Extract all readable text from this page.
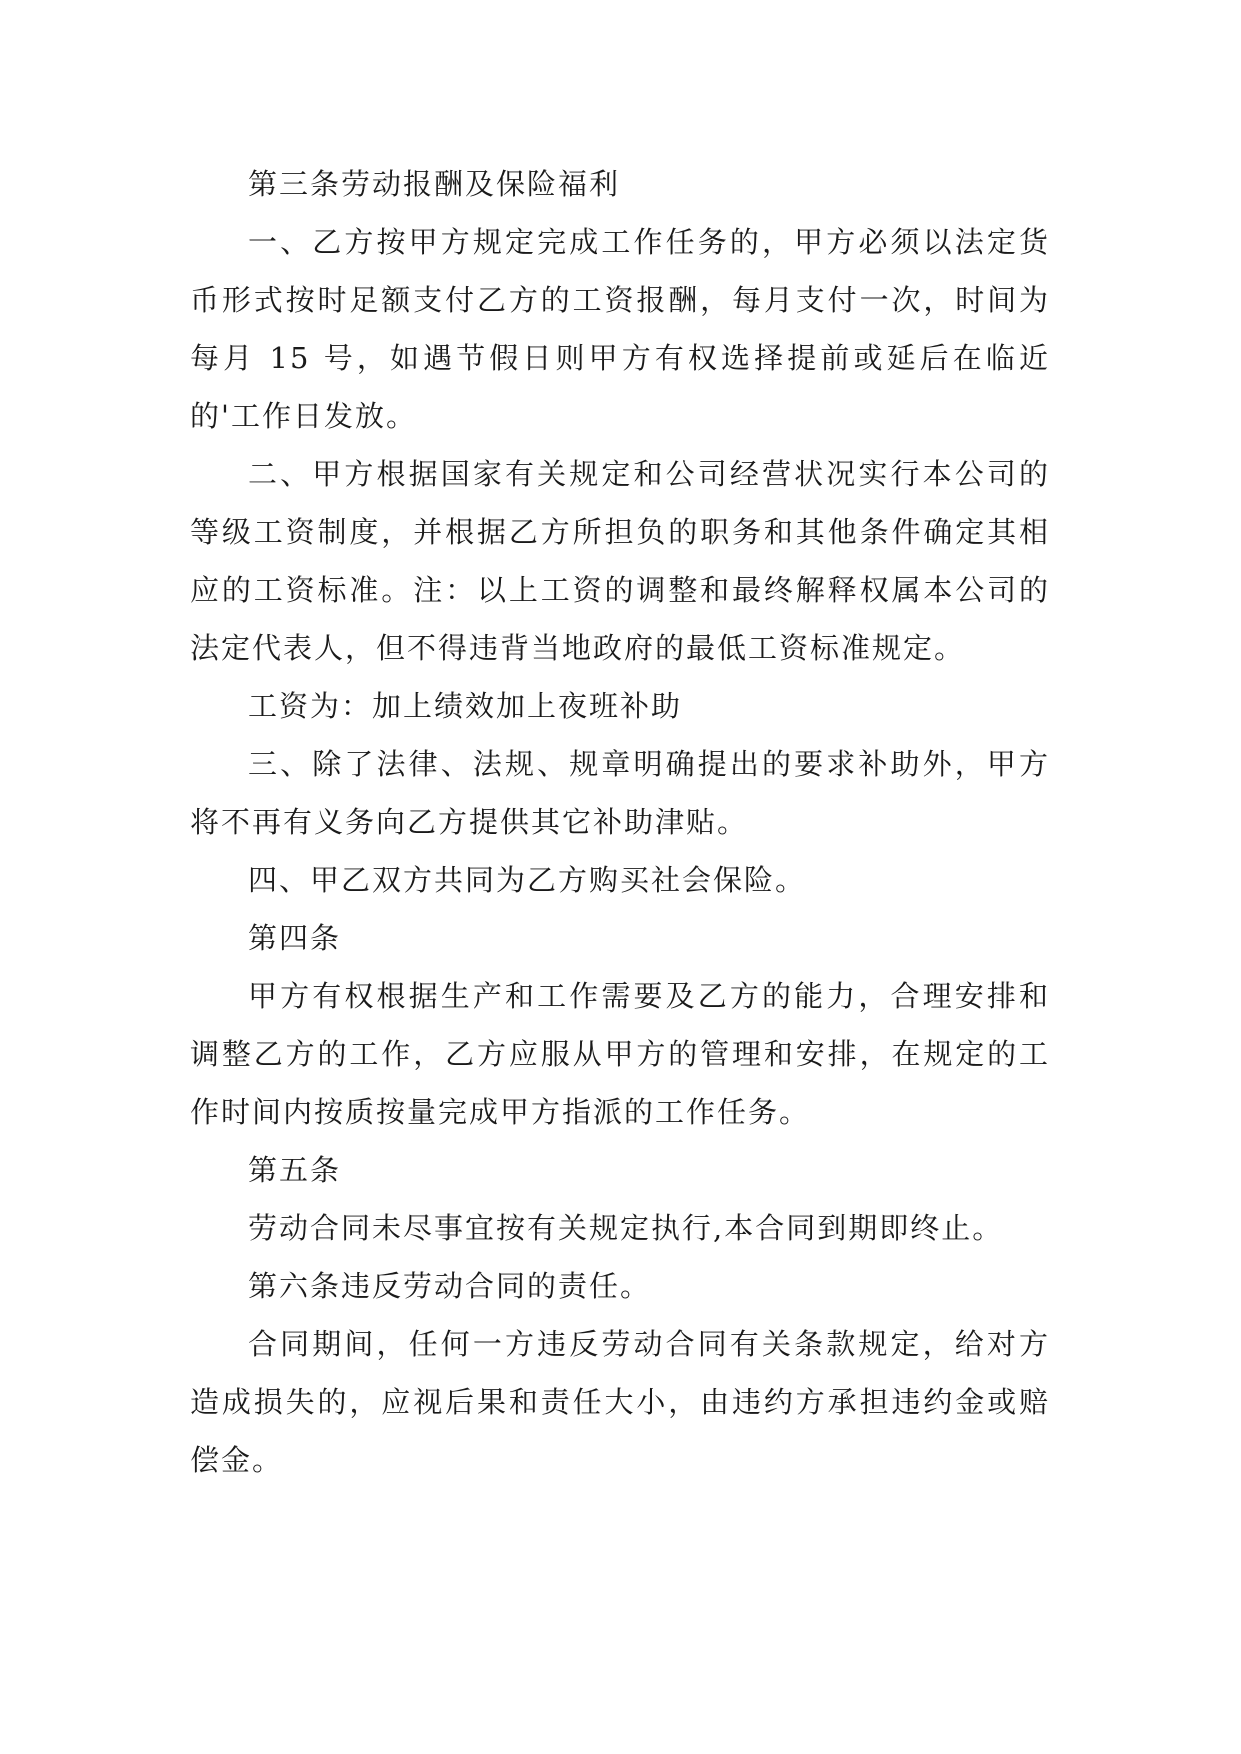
第三条劳动报酬及保险福利

一、乙方按甲方规定完成工作任务的，甲方必须以法定货币形式按时足额支付乙方的工资报酬，每月支付一次，时间为每月 15 号，如遇节假日则甲方有权选择提前或延后在临近的'工作日发放。

二、甲方根据国家有关规定和公司经营状况实行本公司的等级工资制度，并根据乙方所担负的职务和其他条件确定其相应的工资标准。注：以上工资的调整和最终解释权属本公司的法定代表人，但不得违背当地政府的最低工资标准规定。

工资为：加上绩效加上夜班补助

三、除了法律、法规、规章明确提出的要求补助外，甲方将不再有义务向乙方提供其它补助津贴。

四、甲乙双方共同为乙方购买社会保险。

第四条

甲方有权根据生产和工作需要及乙方的能力，合理安排和调整乙方的工作，乙方应服从甲方的管理和安排，在规定的工作时间内按质按量完成甲方指派的工作任务。

第五条

劳动合同未尽事宜按有关规定执行,本合同到期即终止。

第六条违反劳动合同的责任。

合同期间，任何一方违反劳动合同有关条款规定，给对方造成损失的，应视后果和责任大小，由违约方承担违约金或赔偿金。
